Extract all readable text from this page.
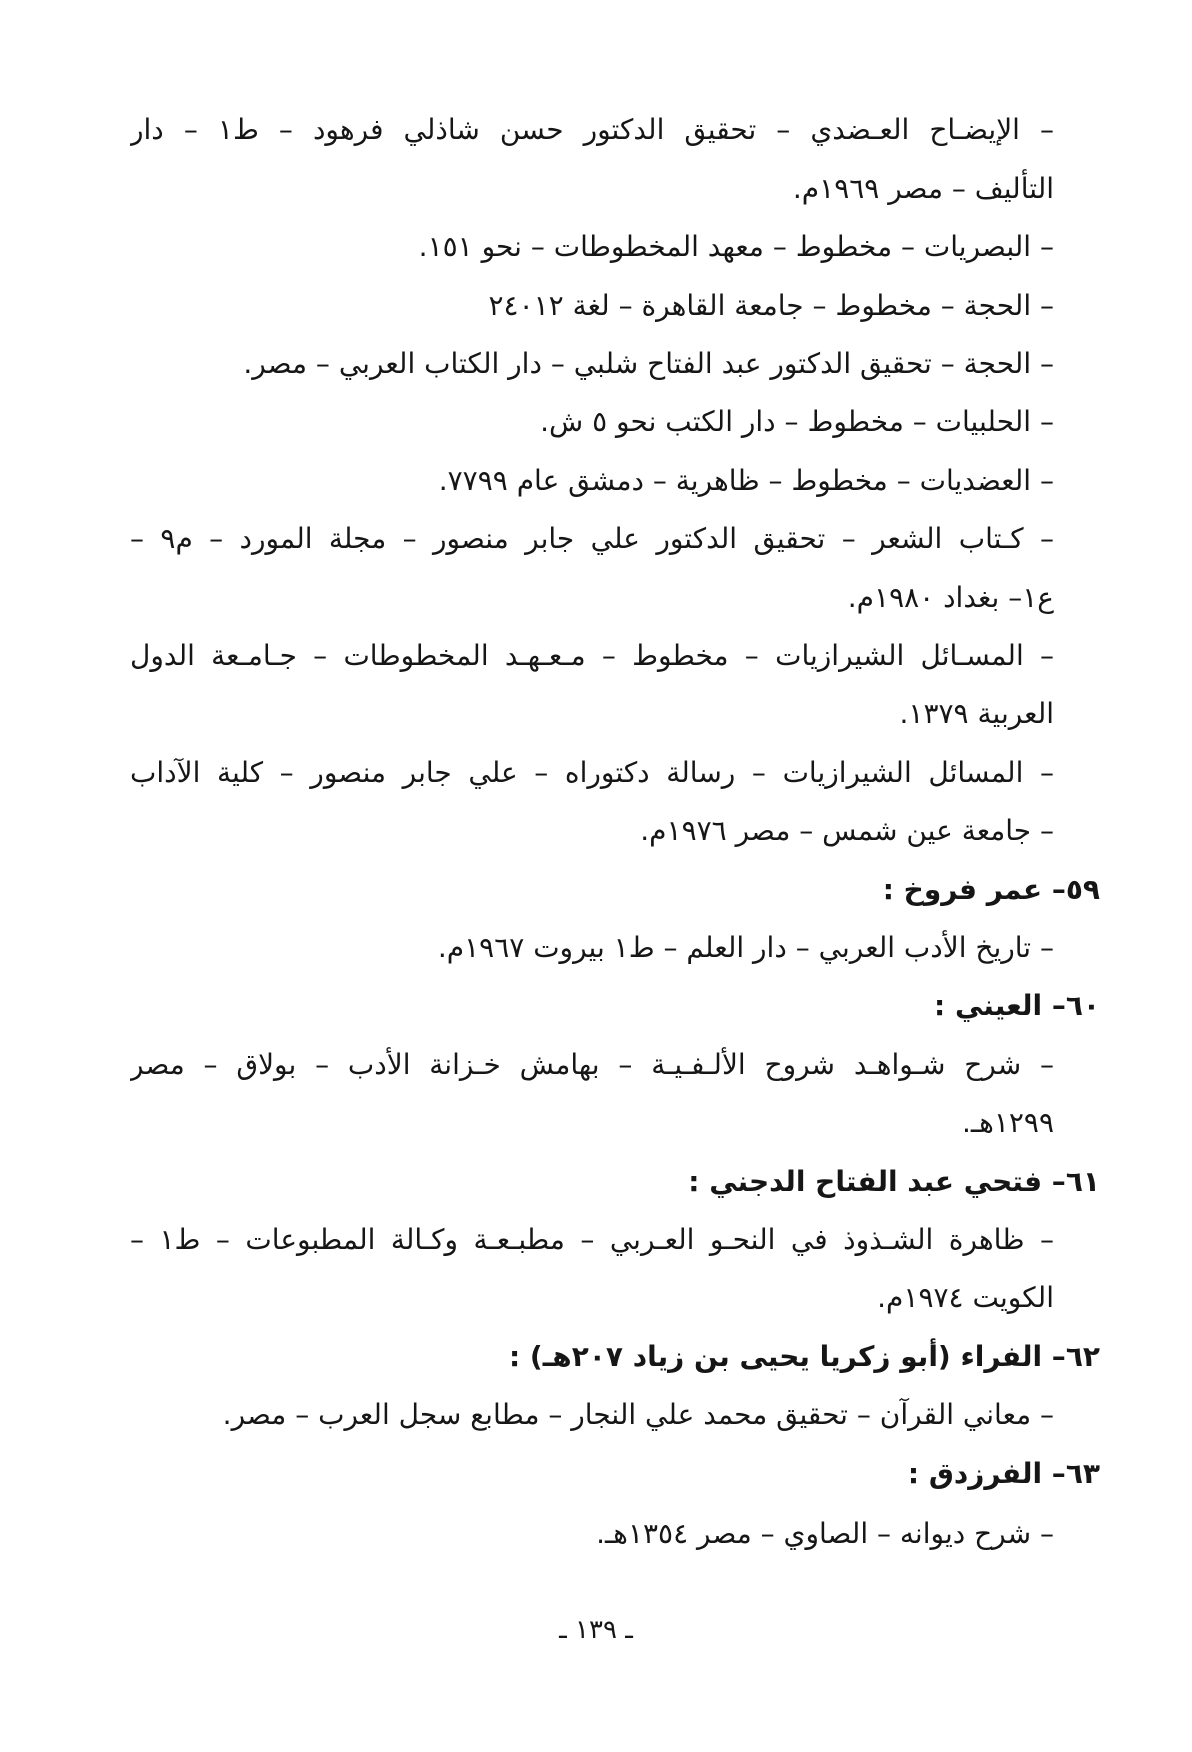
– الإيضـاح العـضدي – تحقيق الدكتور حسن شاذلي فرهود – ط١ – دار
التأليف – مصر ١٩٦٩م.
– البصريات – مخطوط – معهد المخطوطات – نحو ١٥١.
– الحجة – مخطوط – جامعة القاهرة – لغة ٢٤٠١٢
– الحجة – تحقيق الدكتور عبد الفتاح شلبي – دار الكتاب العربي – مصر.
– الحلبيات – مخطوط – دار الكتب نحو ٥ ش.
– العضديات – مخطوط – ظاهرية – دمشق عام ٧٧٩٩.
– كـتاب الشعر – تحقيق الدكتور علي جابر منصور – مجلة المورد – م٩ –
ع١– بغداد ١٩٨٠م.
– المسـائل الشيرازيات – مخطوط – مـعـهـد المخطوطات – جـامـعة الدول
العربية ١٣٧٩.
– المسائل الشيرازيات – رسالة دكتوراه – علي جابر منصور – كلية الآداب
– جامعة عين شمس – مصر ١٩٧٦م.
٥٩– عمر فروخ :
– تاريخ الأدب العربي – دار العلم – ط١ بيروت ١٩٦٧م.
٦٠– العيني :
– شرح شـواهـد شروح الألـفـيـة – بهامش خـزانة الأدب – بولاق – مصر
١٢٩٩هـ.
٦١– فتحي عبد الفتاح الدجني :
– ظاهرة الشـذوذ في النحـو العـربي – مطبـعـة وكـالة المطبوعات – ط١ –
الكويت ١٩٧٤م.
٦٢– الفراء (أبو زكريا يحيى بن زياد ٢٠٧هـ) :
– معاني القرآن – تحقيق محمد علي النجار – مطابع سجل العرب – مصر.
٦٣– الفرزدق :
– شرح ديوانه – الصاوي – مصر ١٣٥٤هـ.
ـ ١٣٩ ـ
